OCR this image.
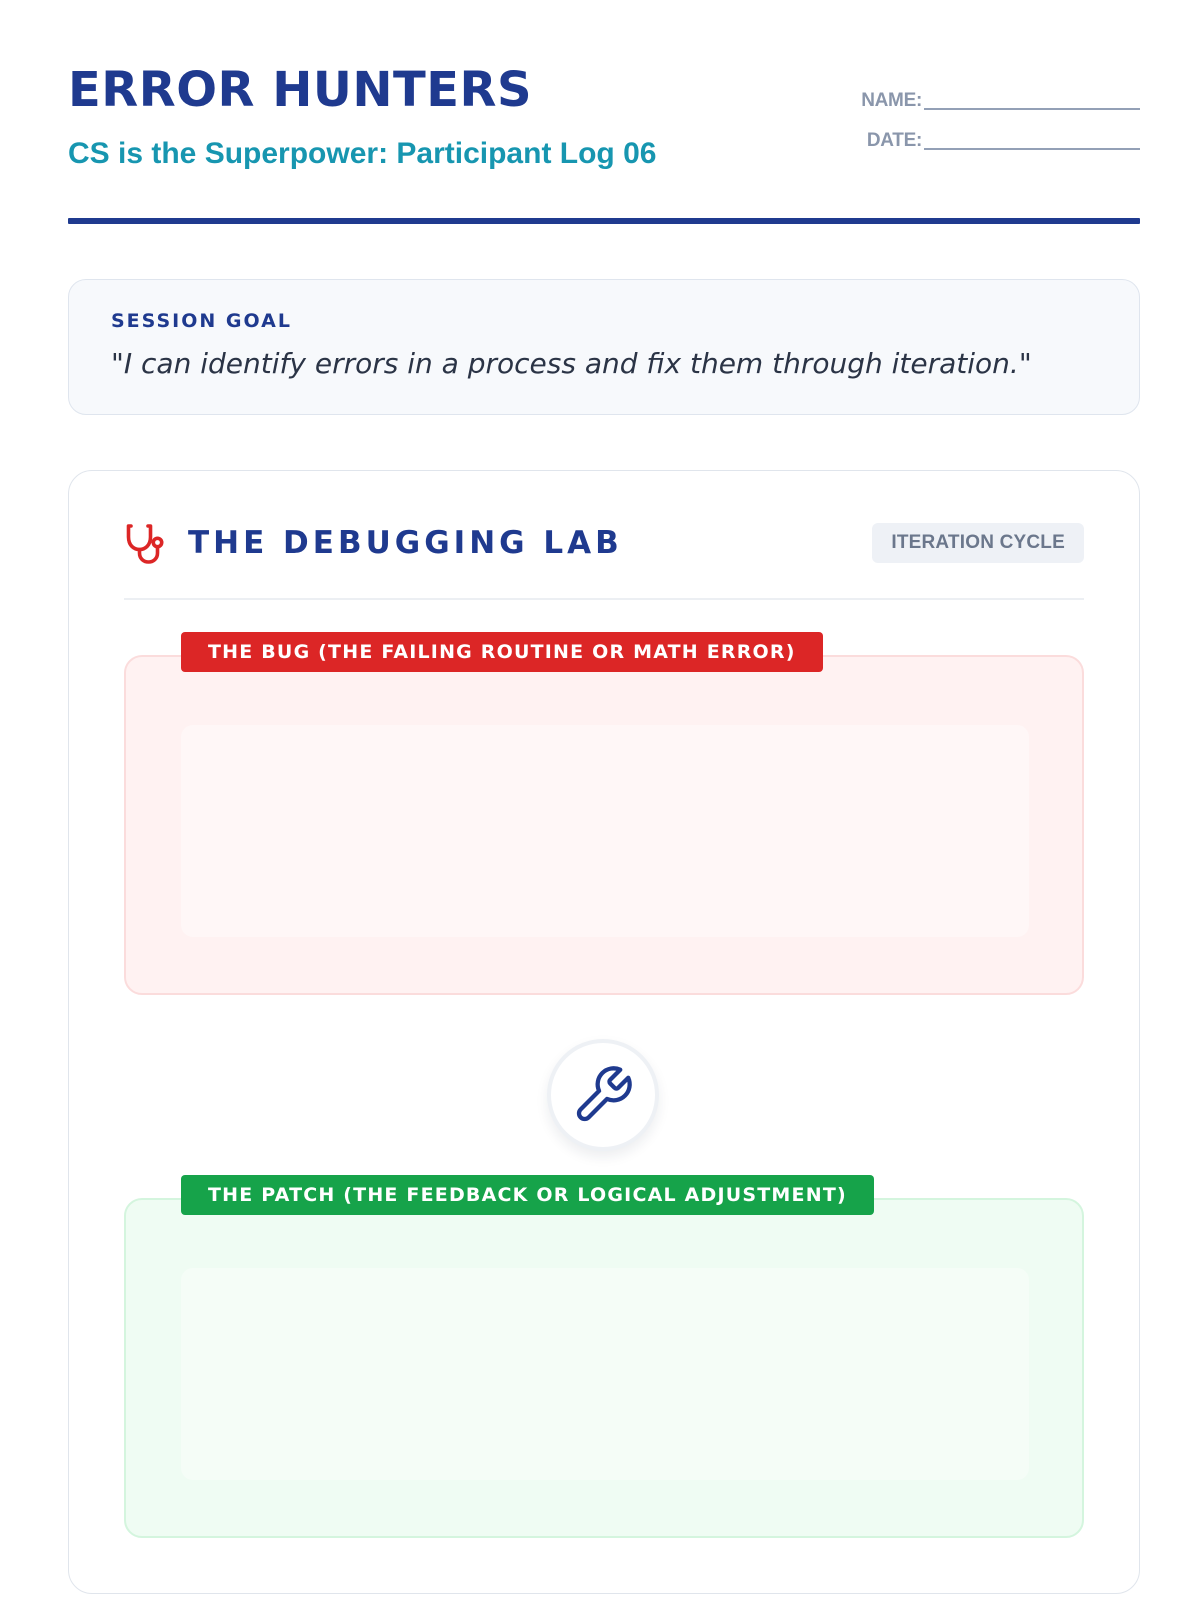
ERROR HUNTERS
CS is the Superpower: Participant Log 06
NAME:
DATE:
SESSION GOAL
"I can identify errors in a process and fix them through iteration."
THE DEBUGGING LAB	ITERATION CYCLE
THE BUG (THE FAILING ROUTINE OR MATH ERROR)
THE PATCH (THE FEEDBACK OR LOGICAL ADJUSTMENT)
